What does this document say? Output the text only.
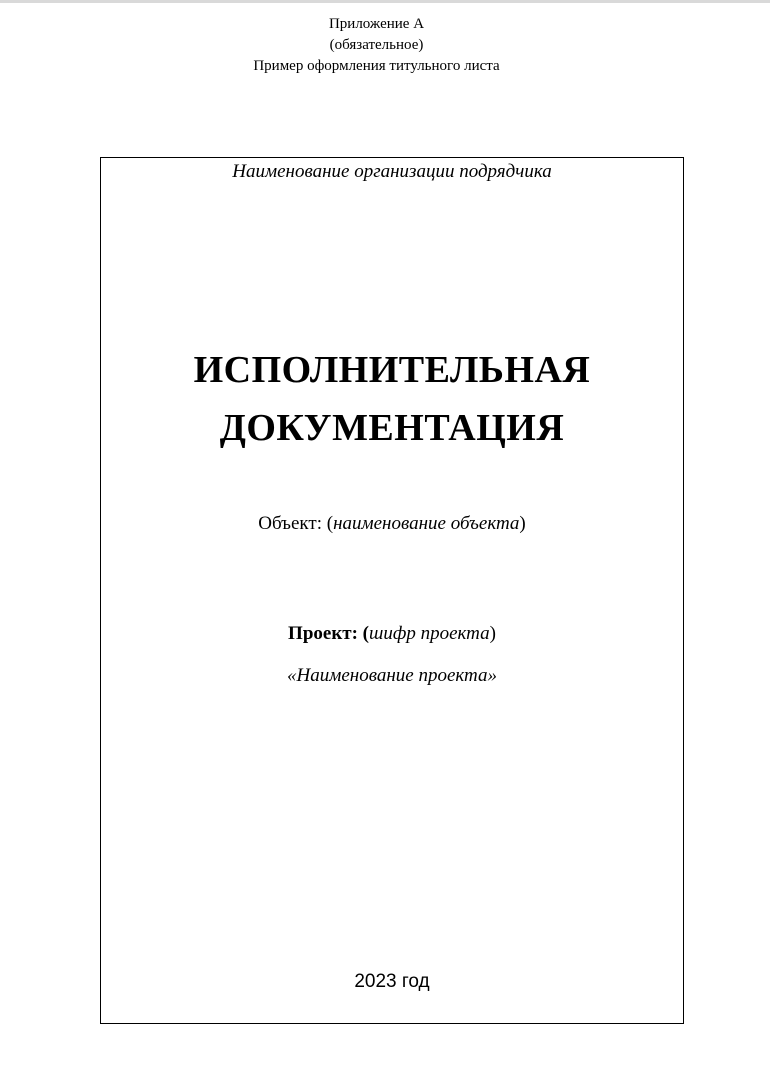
Приложение А
(обязательное)
Пример оформления титульного листа
Наименование организации подрядчика
ИСПОЛНИТЕЛЬНАЯ
ДОКУМЕНТАЦИЯ
Объект: (наименование объекта)
Проект: (шифр проекта)
«Наименование проекта»
2023 год
